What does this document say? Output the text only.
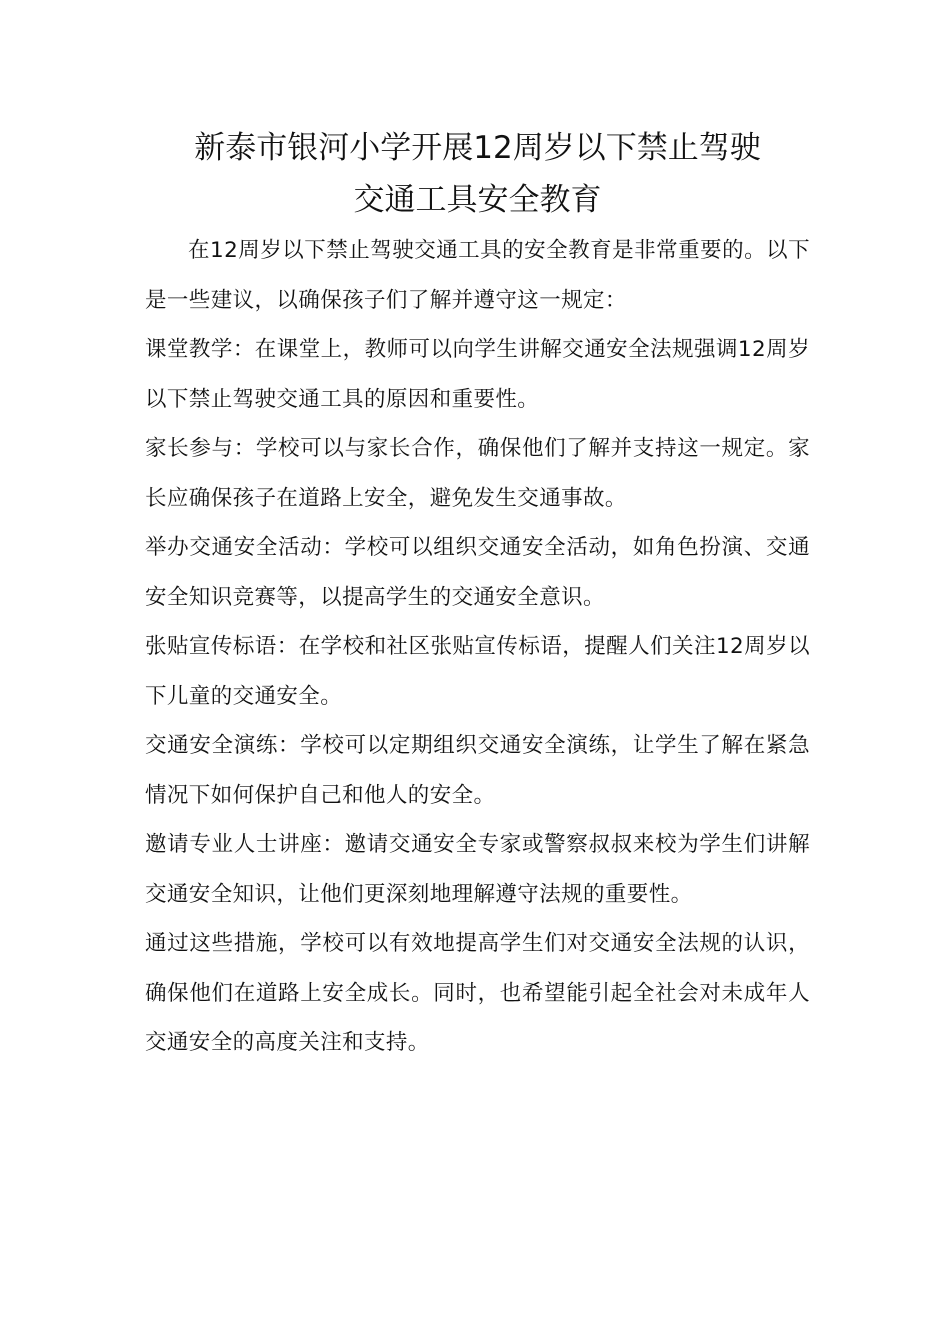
新泰市银河小学开展12周岁以下禁止驾驶
交通工具安全教育

在12周岁以下禁止驾驶交通工具的安全教育是非常重要的。以下是一些建议，以确保孩子们了解并遵守这一规定：

课堂教学：在课堂上，教师可以向学生讲解交通安全法规强调12周岁以下禁止驾驶交通工具的原因和重要性。

家长参与：学校可以与家长合作，确保他们了解并支持这一规定。家长应确保孩子在道路上安全，避免发生交通事故。

举办交通安全活动：学校可以组织交通安全活动，如角色扮演、交通安全知识竞赛等，以提高学生的交通安全意识。

张贴宣传标语：在学校和社区张贴宣传标语，提醒人们关注12周岁以下儿童的交通安全。

交通安全演练：学校可以定期组织交通安全演练，让学生了解在紧急情况下如何保护自己和他人的安全。

邀请专业人士讲座：邀请交通安全专家或警察叔叔来校为学生们讲解交通安全知识，让他们更深刻地理解遵守法规的重要性。

通过这些措施，学校可以有效地提高学生们对交通安全法规的认识，确保他们在道路上安全成长。同时，也希望能引起全社会对未成年人交通安全的高度关注和支持。
